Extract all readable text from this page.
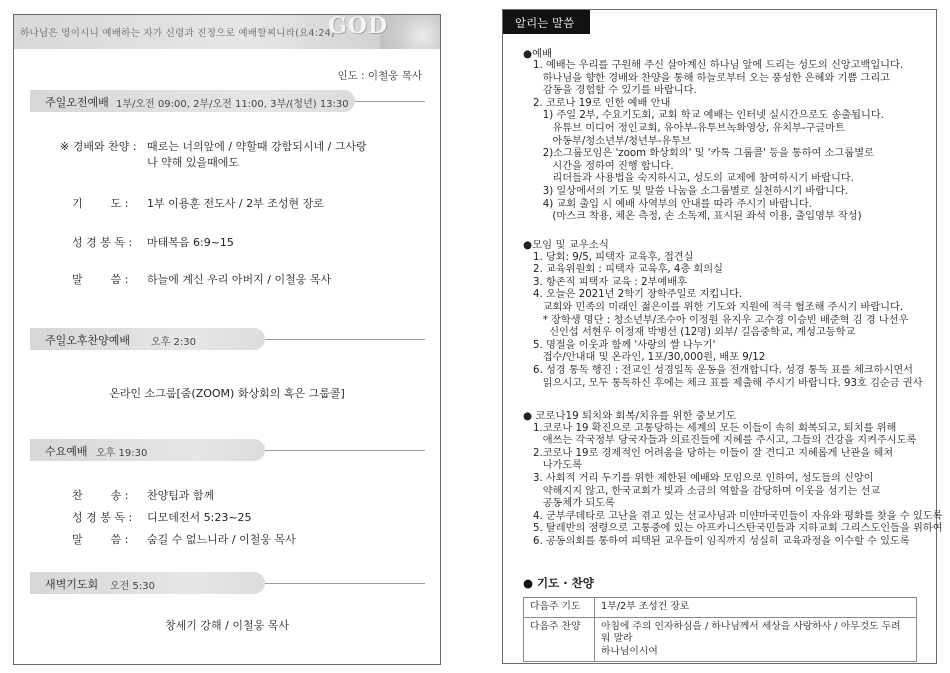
하나님은 영이시니 예배하는 자가 신령과 진정으로 예배할찌니라(요4:24)
GOD
인도 : 이철웅 목사
주일오전예배 1부/오전 09:00, 2부/오전 11:00, 3부/(청년) 13:30
※ 경배와 찬양 : 때로는 너의앞에 / 약할때 강함되시네 / 그사랑
나 약해 있을때에도
기        도 : 1부 이용훈 전도사 / 2부 조성현 장로
성 경 봉 독 : 마태복음 6:9~15
말        씀 : 하늘에 계신 우리 아버지 / 이철웅 목사
주일오후찬양예배 오후 2:30
온라인 소그룹[줌(ZOOM) 화상회의 혹은 그룹콜]
수요예배 오후 19:30
찬        송 : 찬양팀과 함께
성 경 봉 독 : 디모데전서 5:23~25
말        씀 : 숨길 수 없느니라 / 이철웅 목사
새벽기도회 오전 5:30
창세기 강해 / 이철웅 목사
알리는 말씀
●예배
1. 예배는 우리를 구원해 주신 살아계신 하나님 앞에 드리는 성도의 신앙고백입니다.
하나님을 향한 경배와 찬양을 통해 하늘로부터 오는 풍성한 은혜와 기쁨 그리고
감동을 경험할 수 있기를 바랍니다.
2. 코로나 19로 인한 예배 안내
1) 주일 2부, 수요기도회, 교회 학교 예배는 인터넷 실시간으로도 송출됩니다.
유튜브 미디어 정인교회, 유아부-유투브녹화영상, 유치부-구글마트
아동부/청소년부/청년부-유투브
2)소그룹모임은 'zoom 화상회의' 및 '카톡 그룹콜' 등을 통하여 소그룹별로
시간을 정하여 진행 합니다.
리더들과 사용법을 숙지하시고, 성도의 교제에 참여하시기 바랍니다.
3) 일상에서의 기도 및 말씀 나눔을 소그룹별로 실천하시기 바랍니다.
4) 교회 출입 시 예배 사역부의 안내를 따라 주시기 바랍니다.
(마스크 착용, 체온 측정, 손 소독제, 표시된 좌석 이용, 출입명부 작성)
●모임 및 교우소식
1. 당회: 9/5, 피택자 교육후, 접견실
2. 교육위원회 : 피택자 교육후, 4층 회의실
3. 항존직 피택자 교육 : 2부예배후
4. 오늘은 2021년 2학기 장학주일로 지킵니다.
교회와 민족의 미래인 젊은이를 위한 기도와 지원에 적극 협조해 주시기 바랍니다.
* 장학생 명단 : 청소년부/조수아 이정원 유지우 고수경 이승빈 배준혁 김 경 나선우
신인섭 서현우 이정재 박병선 (12명) 외부/ 길음중학교, 계성고등학교
5. 명절을 이웃과 함께 '사랑의 쌀 나누기'
접수/안내대 및 온라인, 1포/30,000원, 배포 9/12
6. 성경 통독 행진 : 전교인 성경일독 운동을 전개합니다. 성경 통독 표를 체크하시면서
읽으시고, 모두 통독하신 후에는 체크 표를 제출해 주시기 바랍니다. 93호 김순금 권사
● 코로나19 퇴치와 회복/치유를 위한 중보기도
1.코로나 19 확진으로 고통당하는 세계의 모든 이들이 속히 회복되고, 퇴치를 위해
애쓰는 각국정부 당국자들과 의료진들에 지혜를 주시고, 그들의 건강을 지켜주시도록
2.코로나 19로 경제적인 어려움을 당하는 이들이 잘 견디고 지혜롭게 난관을 헤쳐
나가도록
3. 사회적 거리 두기를 위한 제한된 예배와 모임으로 인하여, 성도들의 신앙이
약해지지 않고, 한국교회가 빛과 소금의 역할을 감당하며 이웃을 섬기는 선교
공동체가 되도록
4. 군부쿠데타로 고난을 겪고 있는 선교사님과 미얀마국민들이 자유와 평화를 찾을 수 있도록
5. 탈레반의 점령으로 고통중에 있는 아프카니스탄국민들과 지하교회 그리스도인들을 위하여
6. 공동의회를 통하여 피택된 교우들이 임직까지 성실히 교육과정을 이수할 수 있도록
● 기도 · 찬양
다음주 기도	1부/2부 조성건 장로
다음주 찬양	아침에 주의 인자하심을 / 하나님께서 세상을 사랑하사 / 아무것도 두려워 말라
하나님이시여
